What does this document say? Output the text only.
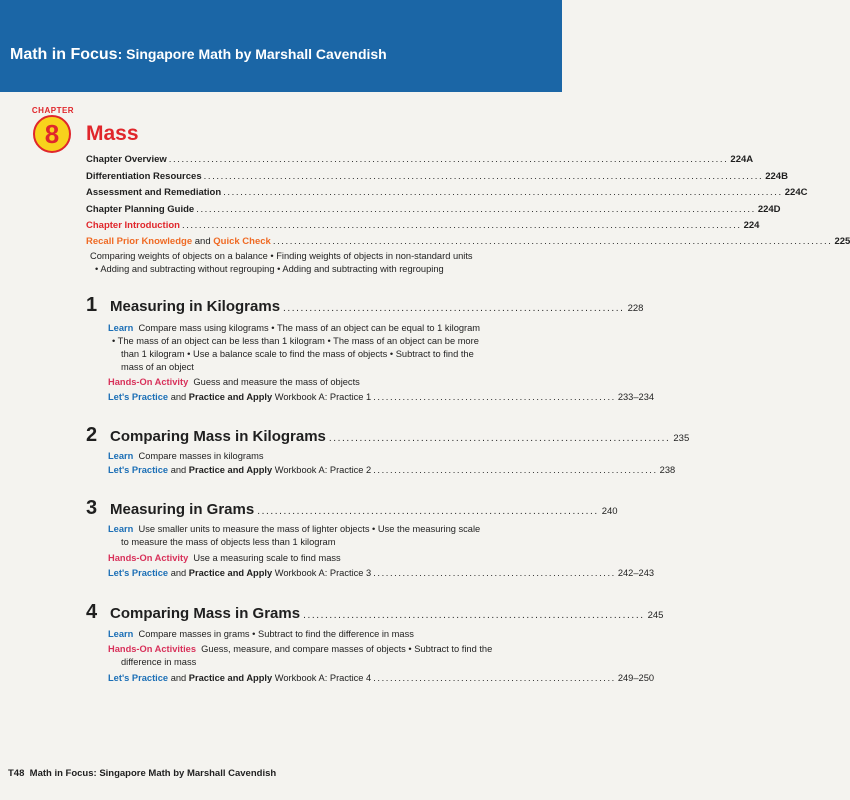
Math in Focus: Singapore Math by Marshall Cavendish
CHAPTER
8	Mass
Chapter Overview .................................................................................................................................... 224A
Differentiation Resources .................................................................................................................................... 224B
Assessment and Remediation .................................................................................................................................... 224C
Chapter Planning Guide .................................................................................................................................... 224D
Chapter Introduction .................................................................................................................................... 224
Recall Prior Knowledge and Quick Check .................................................................................................................................... 225
Comparing weights of objects on a balance • Finding weights of objects in non-standard units
• Adding and subtracting without regrouping • Adding and subtracting with regrouping
1 Measuring in Kilograms .............................................................................. 228
Learn Compare mass using kilograms • The mass of an object can be equal to 1 kilogram
• The mass of an object can be less than 1 kilogram • The mass of an object can be more
than 1 kilogram • Use a balance scale to find the mass of objects • Subtract to find the
mass of an object
Hands-On Activity Guess and measure the mass of objects
Let's Practice
and
Practice and Apply
Workbook A: Practice 1 .......................................................... 233–234
2 Comparing Mass in Kilograms .............................................................................. 235
Learn Compare masses in kilograms
Let's Practice
and
Practice and Apply
Workbook A: Practice 2 .................................................................... 238
3 Measuring in Grams .............................................................................. 240
Learn Use smaller units to measure the mass of lighter objects • Use the measuring scale
to measure the mass of objects less than 1 kilogram
Hands-On Activity Use a measuring scale to find mass
Let's Practice
and
Practice and Apply
Workbook A: Practice 3 .......................................................... 242–243
4 Comparing Mass in Grams .............................................................................. 245
Learn Compare masses in grams • Subtract to find the difference in mass
Hands-On Activities Guess, measure, and compare masses of objects • Subtract to find the
difference in mass
Let's Practice
and
Practice and Apply
Workbook A: Practice 4 .......................................................... 249–250
T48 Math in Focus: Singapore Math by Marshall Cavendish
